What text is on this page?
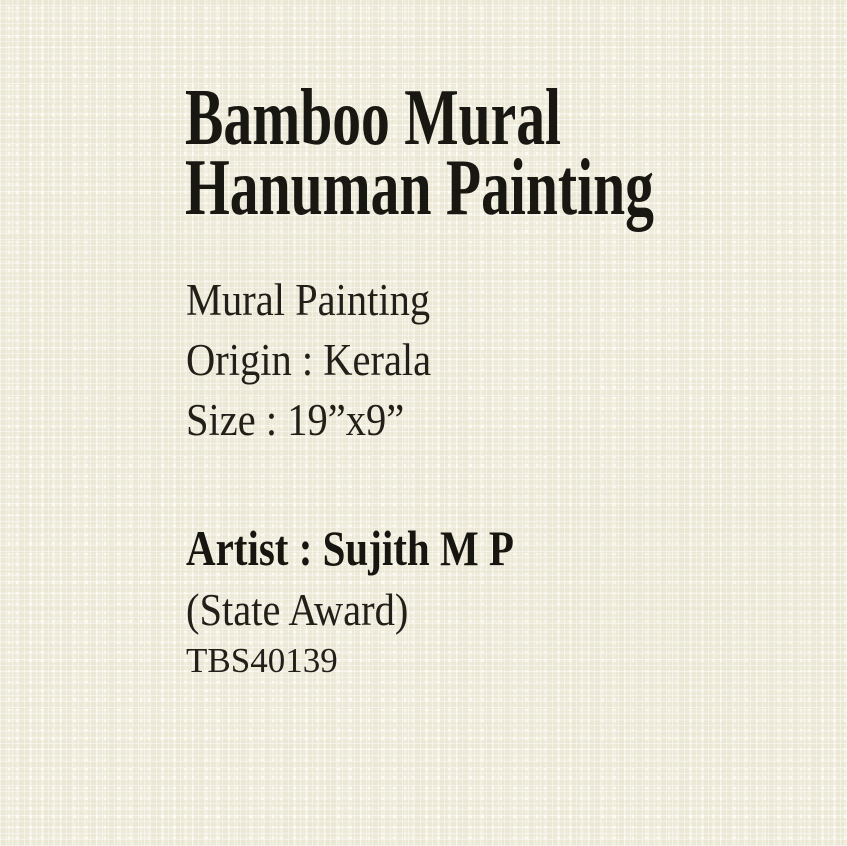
Bamboo Mural
Hanuman Painting
Mural Painting
Origin : Kerala
Size : 19”x9”
Artist : Sujith M P
(State Award)
TBS40139
